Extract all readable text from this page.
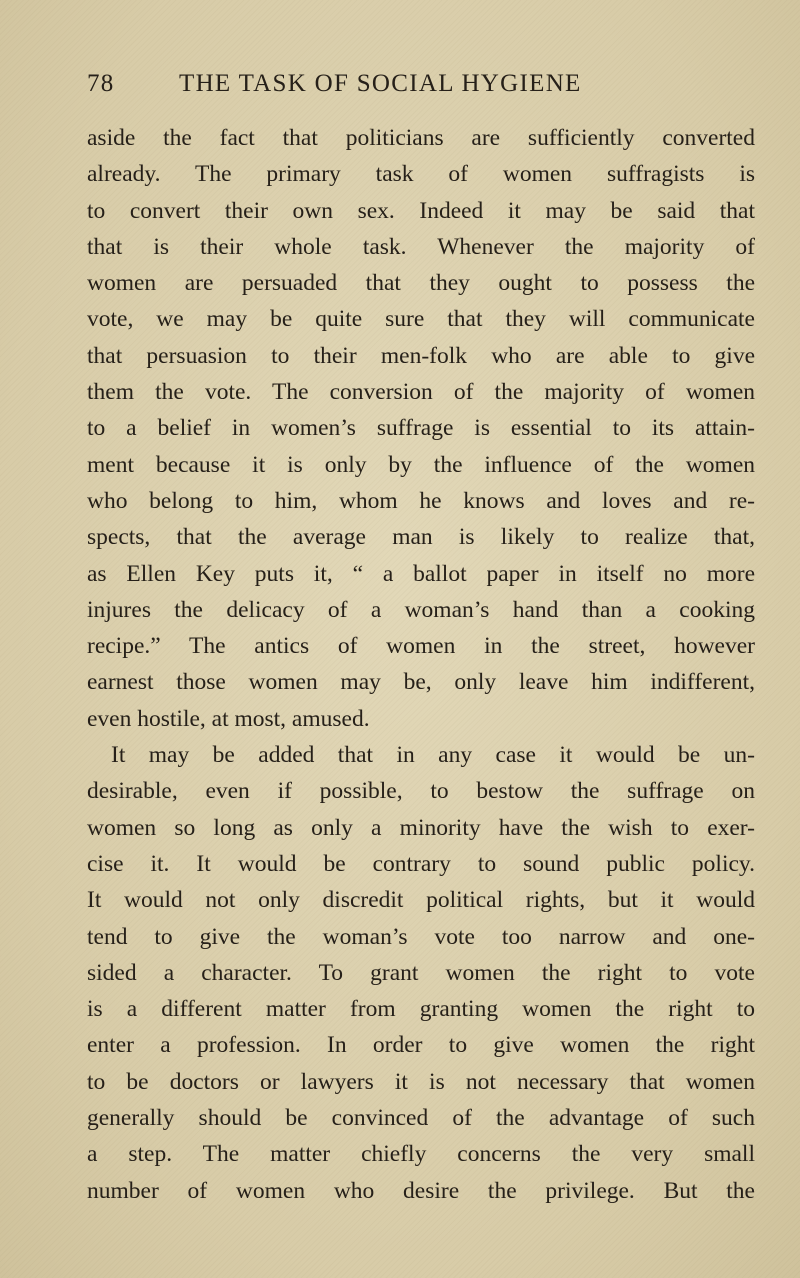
78	THE TASK OF SOCIAL HYGIENE
aside the fact that politicians are sufficiently converted
already. The primary task of women suffragists is
to convert their own sex. Indeed it may be said that
that is their whole task. Whenever the majority of
women are persuaded that they ought to possess the
vote, we may be quite sure that they will communicate
that persuasion to their men-folk who are able to give
them the vote. The conversion of the majority of women
to a belief in women’s suffrage is essential to its attain-
ment because it is only by the influence of the women
who belong to him, whom he knows and loves and re-
spects, that the average man is likely to realize that,
as Ellen Key puts it, “ a ballot paper in itself no more
injures the delicacy of a woman’s hand than a cooking
recipe.” The antics of women in the street, however
earnest those women may be, only leave him indifferent,
even hostile, at most, amused.
It may be added that in any case it would be un-
desirable, even if possible, to bestow the suffrage on
women so long as only a minority have the wish to exer-
cise it. It would be contrary to sound public policy.
It would not only discredit political rights, but it would
tend to give the woman’s vote too narrow and one-
sided a character. To grant women the right to vote
is a different matter from granting women the right to
enter a profession. In order to give women the right
to be doctors or lawyers it is not necessary that women
generally should be convinced of the advantage of such
a step. The matter chiefly concerns the very small
number of women who desire the privilege. But the
